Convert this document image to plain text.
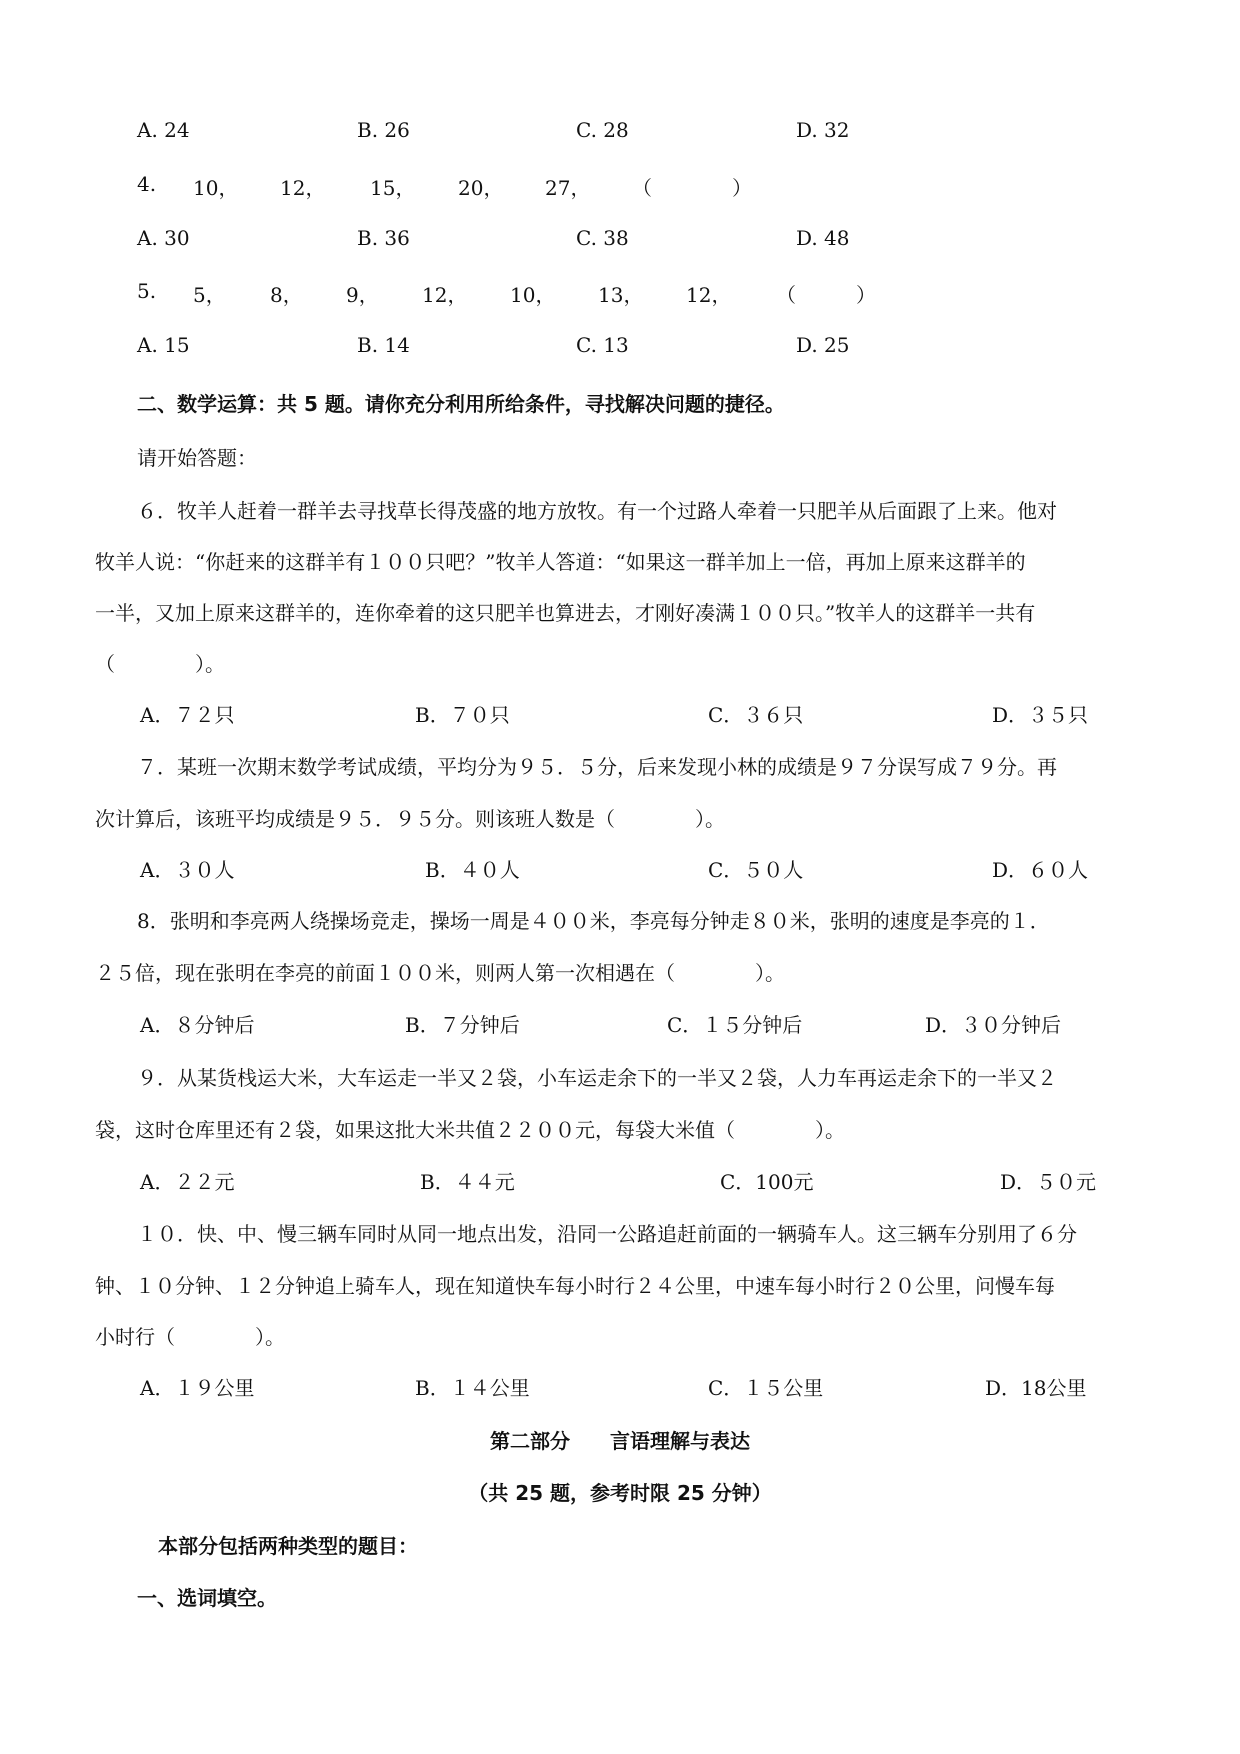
A. 24	B. 26	C. 28	D. 32
4. 10， 12， 15， 20， 27， （　　　　）
A. 30	B. 36	C. 38	D. 48
5. 5， 8， 9， 12， 10， 13， 12， （　　　）
A. 15	B. 14	C. 13	D. 25
二、数学运算：共 5 题。请你充分利用所给条件，寻找解决问题的捷径。
请开始答题：
６．牧羊人赶着一群羊去寻找草长得茂盛的地方放牧。有一个过路人牵着一只肥羊从后面跟了上来。他对
牧羊人说：“你赶来的这群羊有１００只吧？”牧羊人答道：“如果这一群羊加上一倍，再加上原来这群羊的
一半，又加上原来这群羊的，连你牵着的这只肥羊也算进去，才刚好凑满１００只。”牧羊人的这群羊一共有
（　　　　）。
A．７２只	B．７０只	C．３６只	D．３５只
７．某班一次期末数学考试成绩，平均分为９５．５分，后来发现小林的成绩是９７分误写成７９分。再
次计算后，该班平均成绩是９５．９５分。则该班人数是（　　　　）。
A．３０人	B．４０人	C．５０人	D．６０人
8．张明和李亮两人绕操场竞走，操场一周是４００米，李亮每分钟走８０米，张明的速度是李亮的１．
２５倍，现在张明在李亮的前面１００米，则两人第一次相遇在（　　　　）。
A．８分钟后	B．７分钟后	C．１５分钟后	D．３０分钟后
９．从某货栈运大米，大车运走一半又２袋，小车运走余下的一半又２袋，人力车再运走余下的一半又２
袋，这时仓库里还有２袋，如果这批大米共值２２００元，每袋大米值（　　　　）。
A．２２元	B．４４元	C．100元	D．５０元
１０．快、中、慢三辆车同时从同一地点出发，沿同一公路追赶前面的一辆骑车人。这三辆车分别用了６分
钟、１０分钟、１２分钟追上骑车人，现在知道快车每小时行２４公里，中速车每小时行２０公里，问慢车每
小时行（　　　　）。
A．１９公里	B．１４公里	C．１５公里	D．18公里
第二部分　　言语理解与表达
（共 25 题，参考时限 25 分钟）
本部分包括两种类型的题目：
一、选词填空。
